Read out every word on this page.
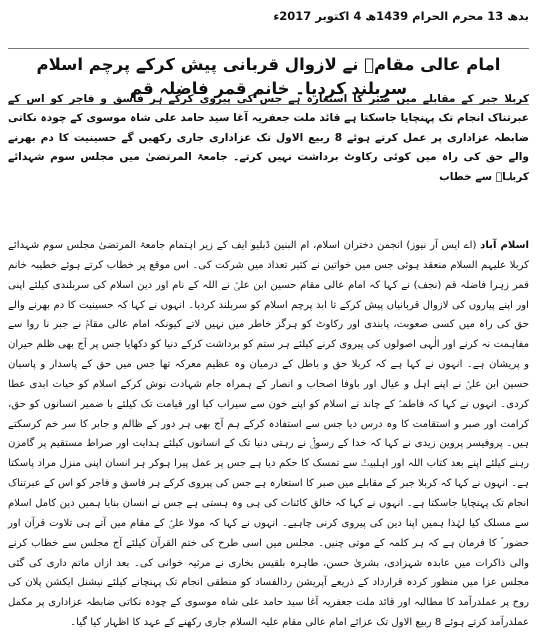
بدھ 13 محرم الحرام 1439ھ 4 اکتوبر 2017ء
امام عالی مقامؑ نے لازوال قربانی پیش کرکے پرچم اسلام سربلند کردیا۔ خانم قمر فاضلہ قم

کربلا جبر کے مقابلے میں صبر کا استعارہ ہے جس کی پیروی کرکے ہر فاسق و فاجر کو اس کے عبرتناک انجام تک پہنچایا جاسکتا ہے قائد ملت جعفریہ آغا سید حامد علی شاہ موسوی کے چودہ نکاتی ضابطہ عزاداری پر عمل کرتے ہوئے 8 ربیع الاول تک عزاداری جاری رکھیں گے حسینیت کا دم بھرنے والے حق کی راہ میں کوئی رکاوٹ برداشت نہیں کرتے۔ جامعۃ المرتضیٰ میں مجلس سوم شہدائے کربلاؑ سے خطاب

اسلام آباد (اے ایس آر نیوز) انجمن دختران اسلام، ام البنین ڈبلیو ایف کے زیر اہتمام جامعۃ المرتضیٰ مجلس سوم شہدائے کربلا علیہم السلام منعقد ہوئی جس میں خواتین نے کثیر تعداد میں شرکت کی۔ اس موقع پر خطاب کرتے ہوئے خطیبہ خانم قمر زہرا فاضلہ قم (نجف) نے کہا کہ امام عالی مقام حسین ابن علیؑ نے اللہ کے نام اور دین اسلام کی سربلندی کیلئے اپنی اور اپنے پیاروں کی لازوال قربانیاں پیش کرکے تا ابد پرچم اسلام کو سربلند کردیا۔ انہوں نے کہا کہ حسینیت کا دم بھرنے والے حق کی راہ میں کسی صعوبت، پابندی اور رکاوٹ کو ہرگز خاطر میں نہیں لاتے کیونکہ امام عالی مقامؑ نے جبر نا روا سے مفاہمت نہ کرنے اور الٰہی اصولوں کی پیروی کرنے کیلئے ہر ستم کو برداشت کرکے دنیا کو دکھایا جس پر آج بھی ظلم حیران و پریشان ہے۔ انہوں نے کہا ہے کہ کربلا حق و باطل کے درمیان وہ عظیم معرکہ تھا جس میں حق کے پاسدار و پاسبان حسین ابن علیؑ نے اپنے اہل و عیال اور باوفا اصحاب و انصار کے ہمراہ جام شہادت نوش کرکے اسلام کو حیات ابدی عطا کردی۔ انہوں نے کہا کہ فاطمہؑ کے چاند نے اسلام کو اپنے خون سے سیراب کیا اور قیامت تک کیلئے با ضمیر انسانوں کو حق، کرامت اور صبر و استقامت کا وہ درس دیا جس سے استفادہ کرکے ہم آج بھی ہر دور کے ظالم و جابر کا سر خم کرسکتے ہیں۔ پروفیسر پروین زیدی نے کہا کہ خدا کے رسولؐ نے رہتی دنیا تک کے انسانوں کیلئے ہدایت اور صراط مستقیم پر گامزن رہنے کیلئے اپنے بعد کتاب اللہ اور اہلبیتؑ سے تمسک کا حکم دیا ہے جس پر عمل پیرا ہوکر ہر انسان اپنی منزل مراد پاسکتا ہے۔ انہوں نے کہا کہ کربلا جبر کے مقابلے میں صبر کا استعارہ ہے جس کی پیروی کرکے ہر فاسق و فاجر کو اس کے عبرتناک انجام تک پہنچایا جاسکتا ہے۔ انہوں نے کہا کہ خالق کائنات کی ہی وہ ہستی ہے جس نے انسان بنایا ہمیں دین کامل اسلام سے مسلک کیا لہٰذا ہمیں اپنا دین کی پیروی کرنی چاہیے۔ انہوں نے کہا کہ مولا علیؑ کے مقام میں آتے ہی تلاوت قرآن اور حضور ؐ کا فرمان ہے کہ ہر کلمہ کے موتی چنیں۔ مجلس میں اسی طرح کی ختم القرآن کیلئے آج مجلس سے خطاب کرنے والی ذاکرات میں عابدہ شہزادی، بشریٰ حسن، طاہرہ بلقیس بخاری نے مرثیہ خوانی کی۔ بعد ازاں ماتم داری کی گئی مجلس عزا میں منظور کردہ قرارداد کے ذریعے آپریشن ردالفساد کو منطقی انجام تک پہنچانے کیلئے نیشنل ایکشن پلان کی روح پر عملدرآمد کا مطالبہ اور قائد ملت جعفریہ آغا سید حامد علی شاہ موسوی کے چودہ نکاتی ضابطہ عزاداری پر مکمل عملدرآمد کرتے ہوئے 8 ربیع الاول تک عزائے امام عالی مقام علیہ السلام جاری رکھنے کے عہد کا اظہار کیا گیا۔
